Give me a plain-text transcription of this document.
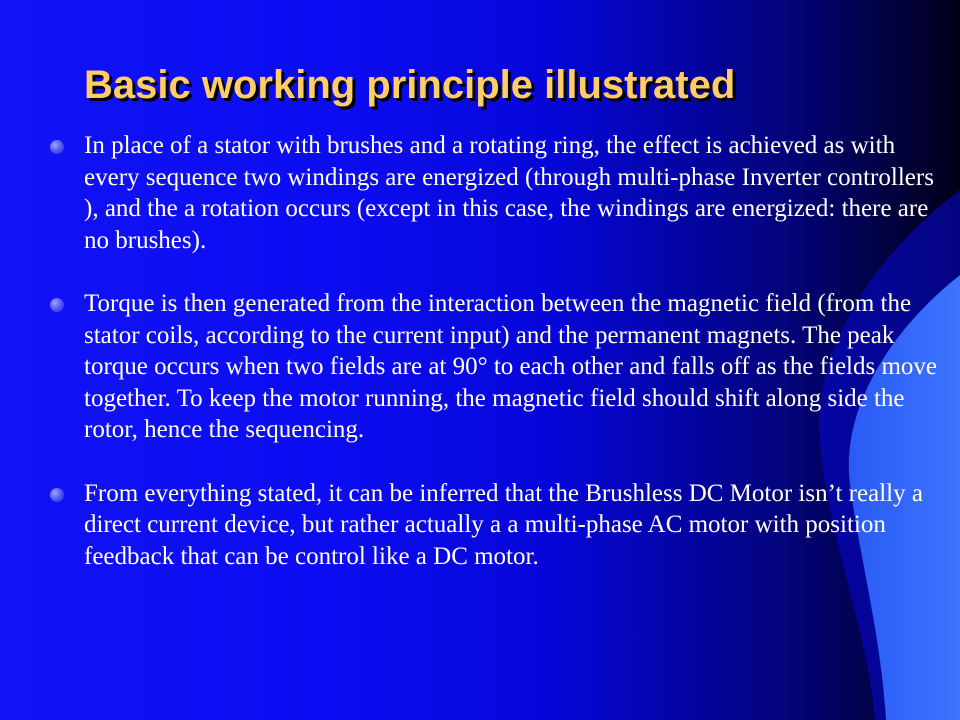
Basic working principle illustrated
In place of a stator with brushes and a rotating ring, the effect is achieved as with every sequence two windings are energized (through multi-phase Inverter controllers ), and the a rotation occurs (except in this case, the windings are energized: there are no brushes).
Torque is then generated from the interaction between the magnetic field (from the stator coils, according to the current input) and the permanent magnets. The peak torque occurs when two fields are at 90° to each other and falls off as the fields move together. To keep the motor running, the magnetic field should shift along side the rotor, hence the sequencing.
From everything stated, it can be inferred that the Brushless DC Motor isn’t really a direct current device, but rather actually a a multi-phase AC motor with position feedback that can be control like a DC motor.
